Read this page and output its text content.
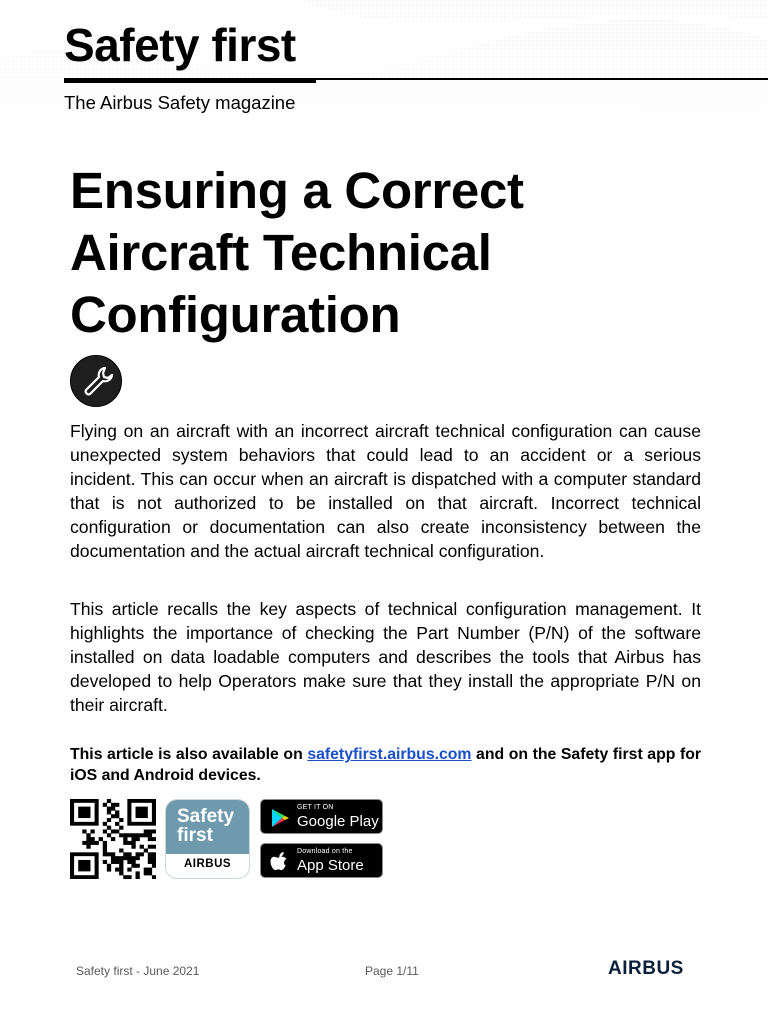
Safety first
The Airbus Safety magazine
Ensuring a Correct Aircraft Technical Configuration

Flying on an aircraft with an incorrect aircraft technical configuration can cause unexpected system behaviors that could lead to an accident or a serious incident. This can occur when an aircraft is dispatched with a computer standard that is not authorized to be installed on that aircraft. Incorrect technical configuration or documentation can also create inconsistency between the documentation and the actual aircraft technical configuration.

This article recalls the key aspects of technical configuration management. It highlights the importance of checking the Part Number (P/N) of the software installed on data loadable computers and describes the tools that Airbus has developed to help Operators make sure that they install the appropriate P/N on their aircraft.

This article is also available on safetyfirst.airbus.com and on the Safety first app for iOS and Android devices.

Safety
first
AIRBUS
GET IT ON
Google Play
Download on the
App Store
Safety first - June 2021	Page 1/11	AIRBUS
